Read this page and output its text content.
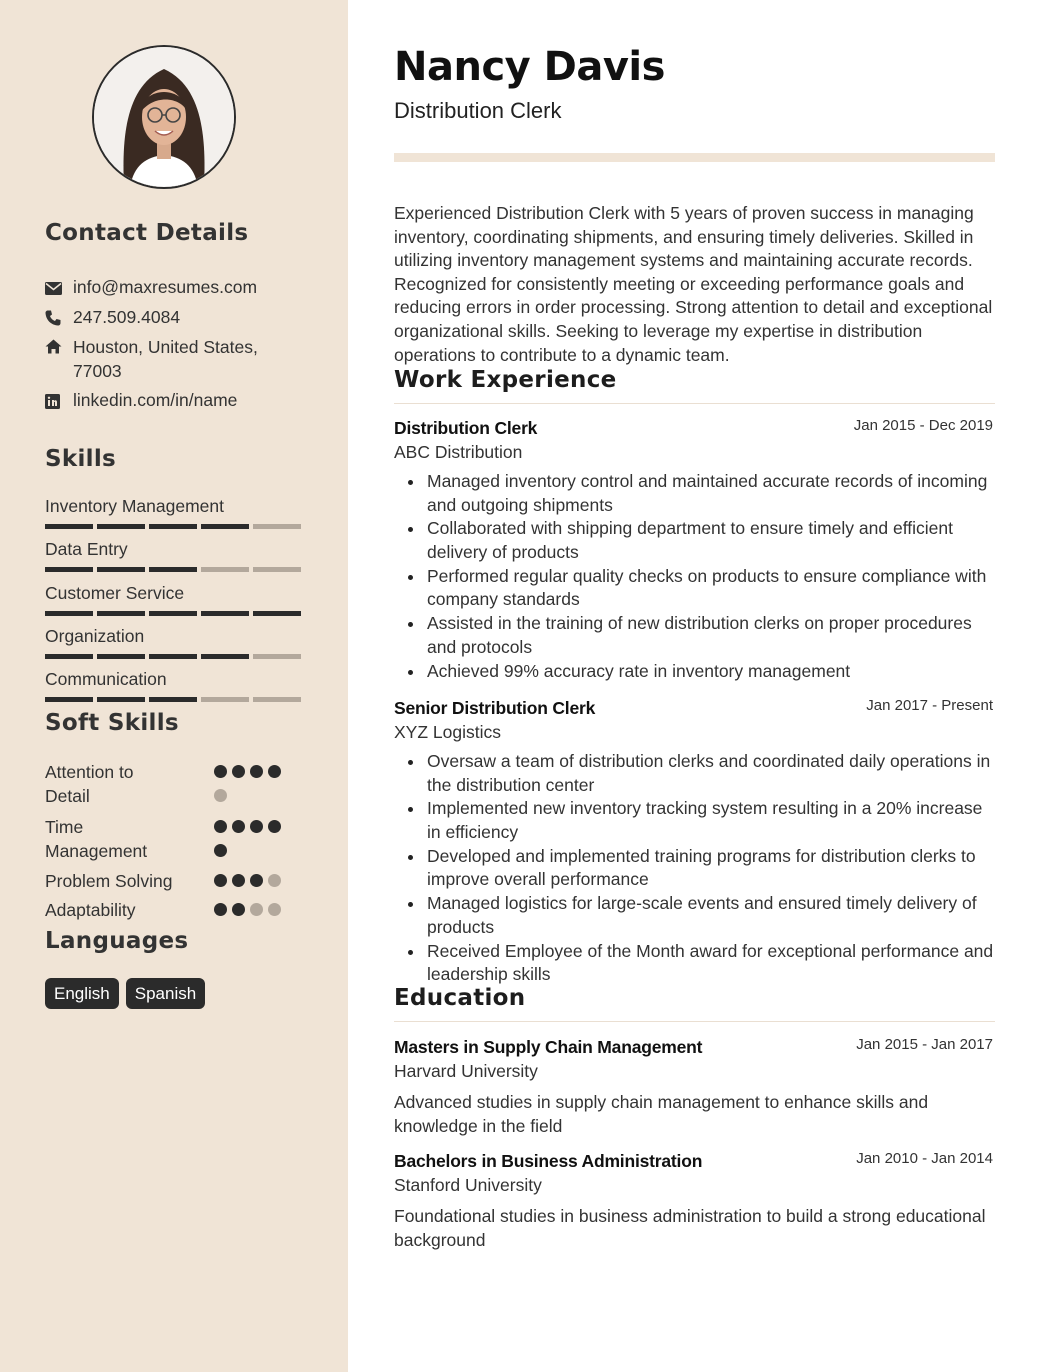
Contact Details
info@maxresumes.com
247.509.4084
Houston, United States, 77003
linkedin.com/in/name
Skills
Inventory Management
Data Entry
Customer Service
Organization
Communication
Soft Skills
Attention to Detail
Time Management
Problem Solving
Adaptability
Languages
English	Spanish
Nancy Davis
Distribution Clerk
Experienced Distribution Clerk with 5 years of proven success in managing inventory, coordinating shipments, and ensuring timely deliveries. Skilled in utilizing inventory management systems and maintaining accurate records. Recognized for consistently meeting or exceeding performance goals and reducing errors in order processing. Strong attention to detail and exceptional organizational skills. Seeking to leverage my expertise in distribution operations to contribute to a dynamic team.
Work Experience
Distribution Clerk	Jan 2015 - Dec 2019
ABC Distribution
Managed inventory control and maintained accurate records of incoming and outgoing shipments
Collaborated with shipping department to ensure timely and efficient delivery of products
Performed regular quality checks on products to ensure compliance with company standards
Assisted in the training of new distribution clerks on proper procedures and protocols
Achieved 99% accuracy rate in inventory management
Senior Distribution Clerk	Jan 2017 - Present
XYZ Logistics
Oversaw a team of distribution clerks and coordinated daily operations in the distribution center
Implemented new inventory tracking system resulting in a 20% increase in efficiency
Developed and implemented training programs for distribution clerks to improve overall performance
Managed logistics for large-scale events and ensured timely delivery of products
Received Employee of the Month award for exceptional performance and leadership skills
Education
Masters in Supply Chain Management	Jan 2015 - Jan 2017
Harvard University
Advanced studies in supply chain management to enhance skills and knowledge in the field
Bachelors in Business Administration	Jan 2010 - Jan 2014
Stanford University
Foundational studies in business administration to build a strong educational background
